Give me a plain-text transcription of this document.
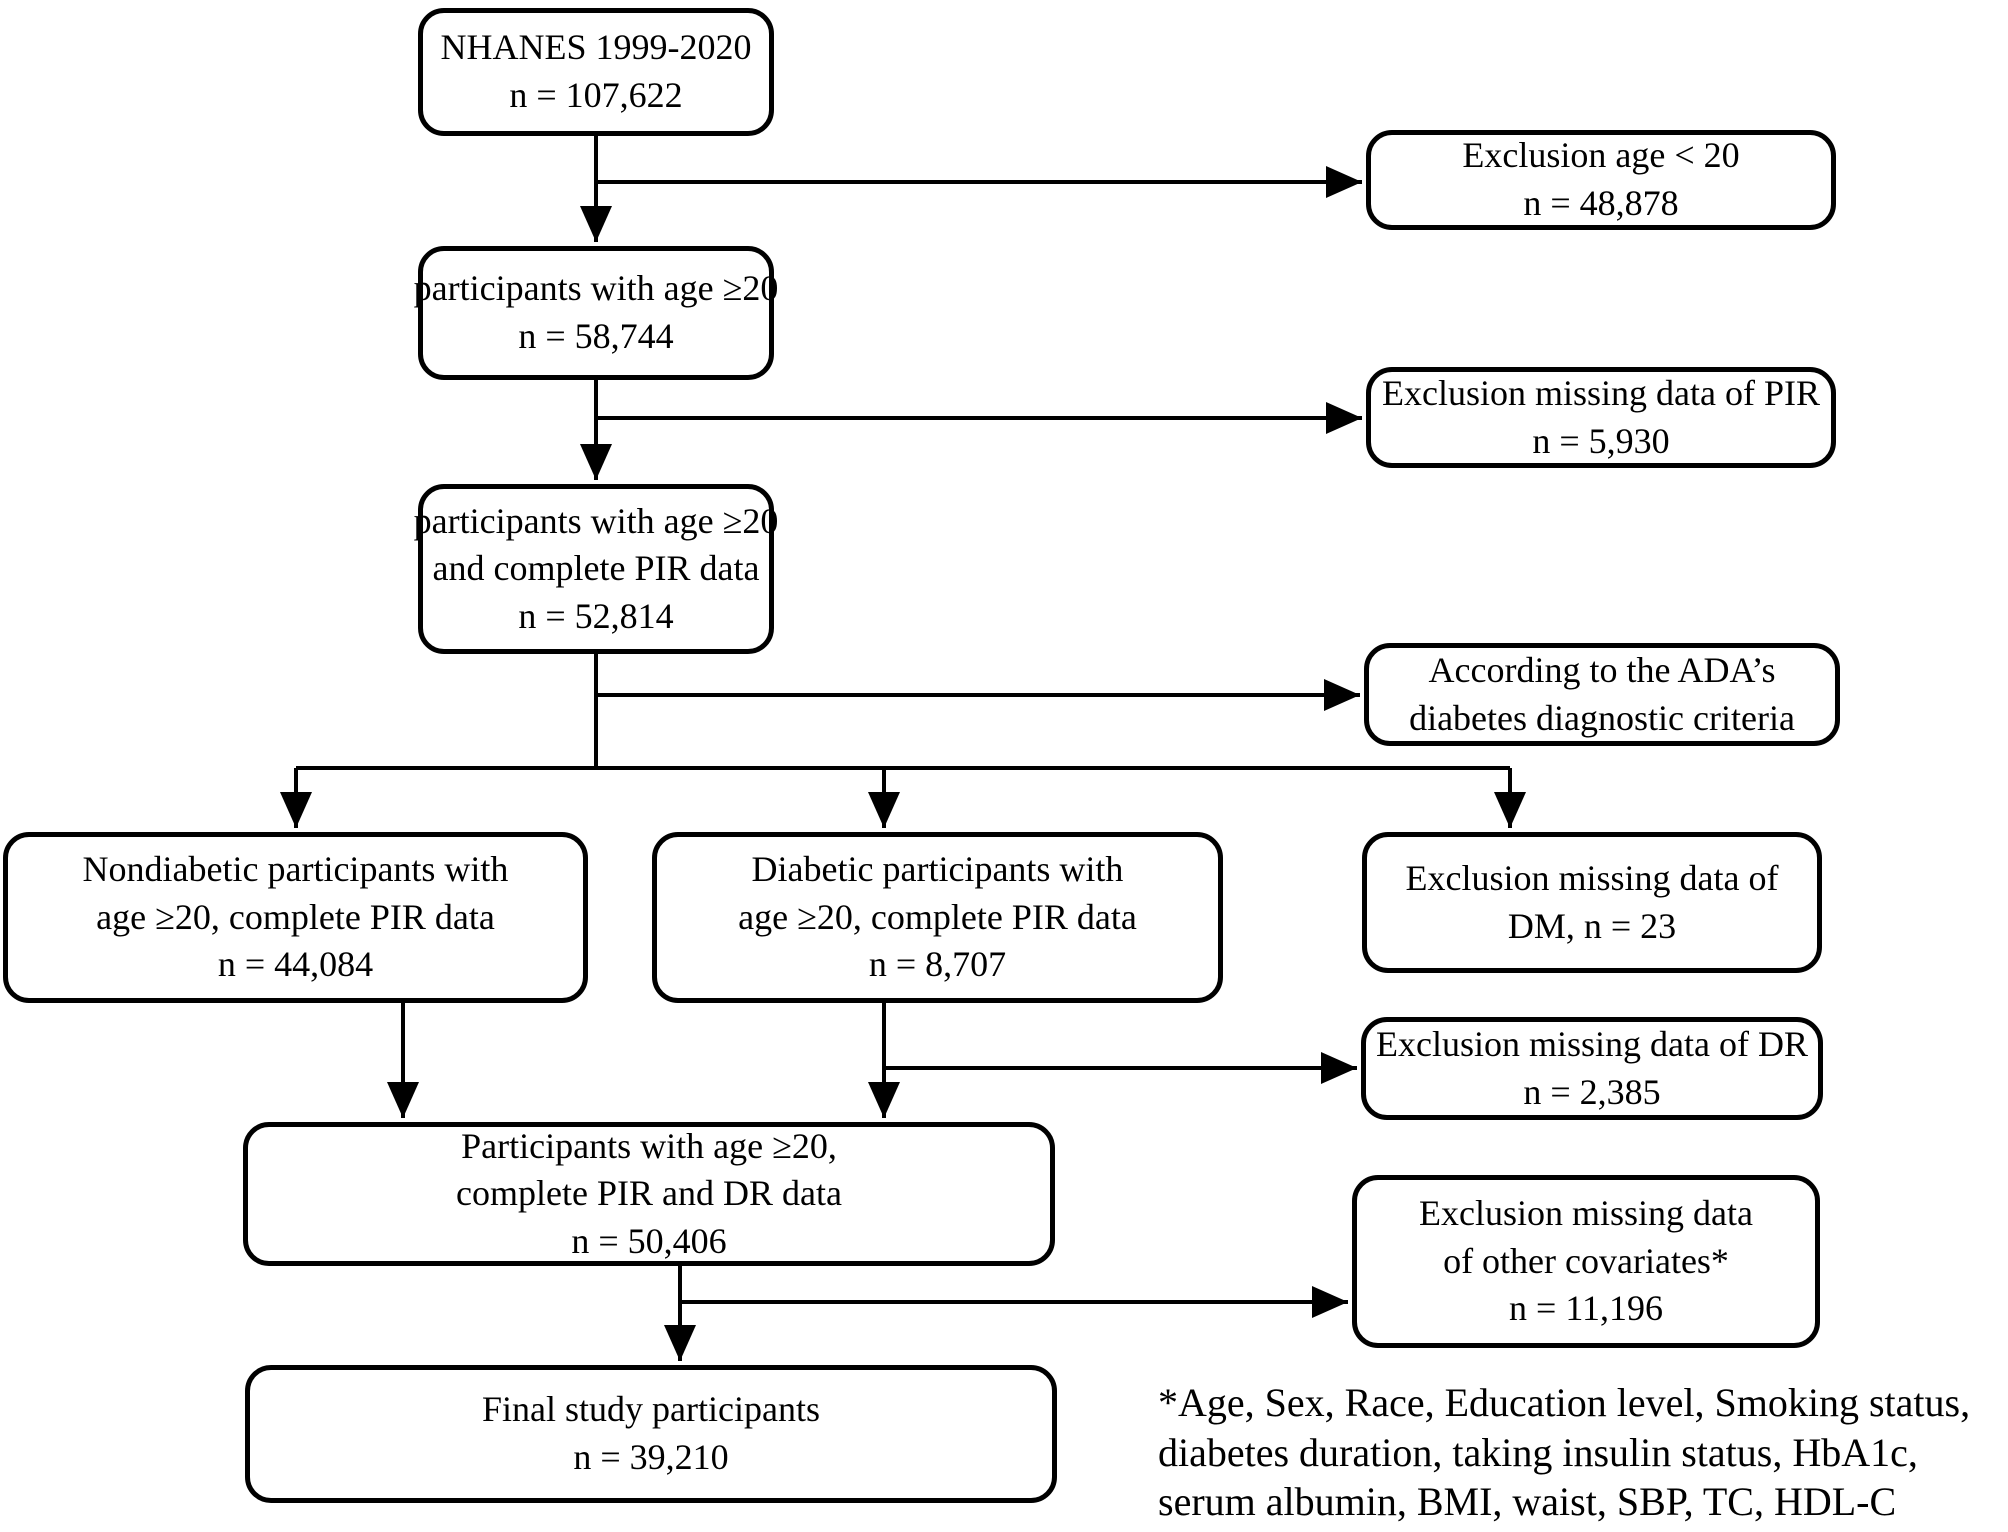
NHANES 1999-2020
n = 107,622
Exclusion age < 20
n = 48,878
participants with age ≥20
n = 58,744
Exclusion missing data of PIR
n = 5,930
participants with age ≥20
and complete PIR data
n = 52,814
According to the ADA’s
diabetes diagnostic criteria
Nondiabetic participants with
age ≥20, complete PIR data
n = 44,084
Diabetic participants with
age ≥20, complete PIR data
n = 8,707
Exclusion missing data of
DM, n = 23
Exclusion missing data of DR
n = 2,385
Participants with age ≥20,
complete PIR and DR data
n = 50,406
Exclusion missing data
of other covariates*
n = 11,196
Final study participants
n = 39,210
*Age, Sex, Race, Education level, Smoking status,
diabetes duration, taking insulin status, HbA1c,
serum albumin, BMI, waist, SBP, TC, HDL-C
